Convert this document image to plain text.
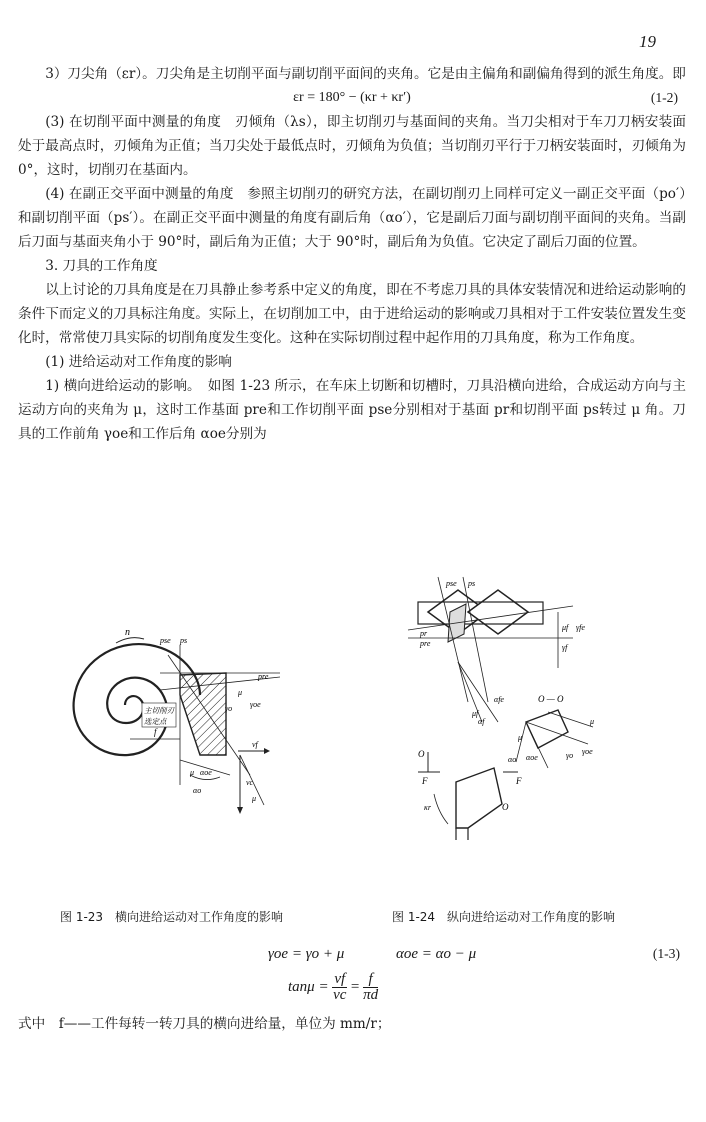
19

3）刀尖角（εr）。刀尖角是主切削平面与副切削平面间的夹角。它是由主偏角和副偏角得到的派生角度。即

εr = 180° − (κr + κr′)	(1-2)

(3) 在切削平面中测量的角度　刃倾角（λs），即主切削刃与基面间的夹角。当刀尖相对于车刀刀柄安装面处于最高点时，刃倾角为正值；当刀尖处于最低点时，刃倾角为负值；当切削刃平行于刀柄安装面时，刃倾角为 0°，这时，切削刃在基面内。

(4) 在副正交平面中测量的角度　参照主切削刃的研究方法，在副切削刃上同样可定义一副正交平面（po′）和副切削平面（ps′）。在副正交平面中测量的角度有副后角（αo′），它是副后刀面与副切削平面间的夹角。当副后刀面与基面夹角小于 90°时，副后角为正值；大于 90°时，副后角为负值。它决定了副后刀面的位置。

3. 刀具的工作角度

以上讨论的刀具角度是在刀具静止参考系中定义的角度，即在不考虑刀具的具体安装情况和进给运动影响的条件下而定义的刀具标注角度。实际上，在切削加工中，由于进给运动的影响或刀具相对于工件安装位置发生变化时，常常使刀具实际的切削角度发生变化。这种在实际切削过程中起作用的刀具角度，称为工作角度。

(1) 进给运动对工作角度的影响

1) 横向进给运动的影响。　如图 1-23 所示，在车床上切断和切槽时，刀具沿横向进给，合成运动方向与主运动方向的夹角为 μ，这时工作基面 pre和工作切削平面 pse分别相对于基面 pr和切削平面 ps转过 μ 角。刀具的工作前角 γoe和工作后角 αoe分别为

n
pse ps
pre
μ
γoe
γo
主切削刃
选定点
f
μ αoe
αo
vf
vc
μ
pse ps
pr
pre
μf γfe
γf
αfe
αf
μf
O — O
μ
αo αoe	γo γoe
μ
O
F	F
O
κr
图 1-23　横向进给运动对工作角度的影响	图 1-24　纵向进给运动对工作角度的影响
γoe = γo + μ	αoe = αo − μ	(1-3)
$\tan\mu = \frac{vf}{vc} = \frac{f}{\pi d}$

式中　f——工件每转一转刀具的横向进给量，单位为 mm/r；
